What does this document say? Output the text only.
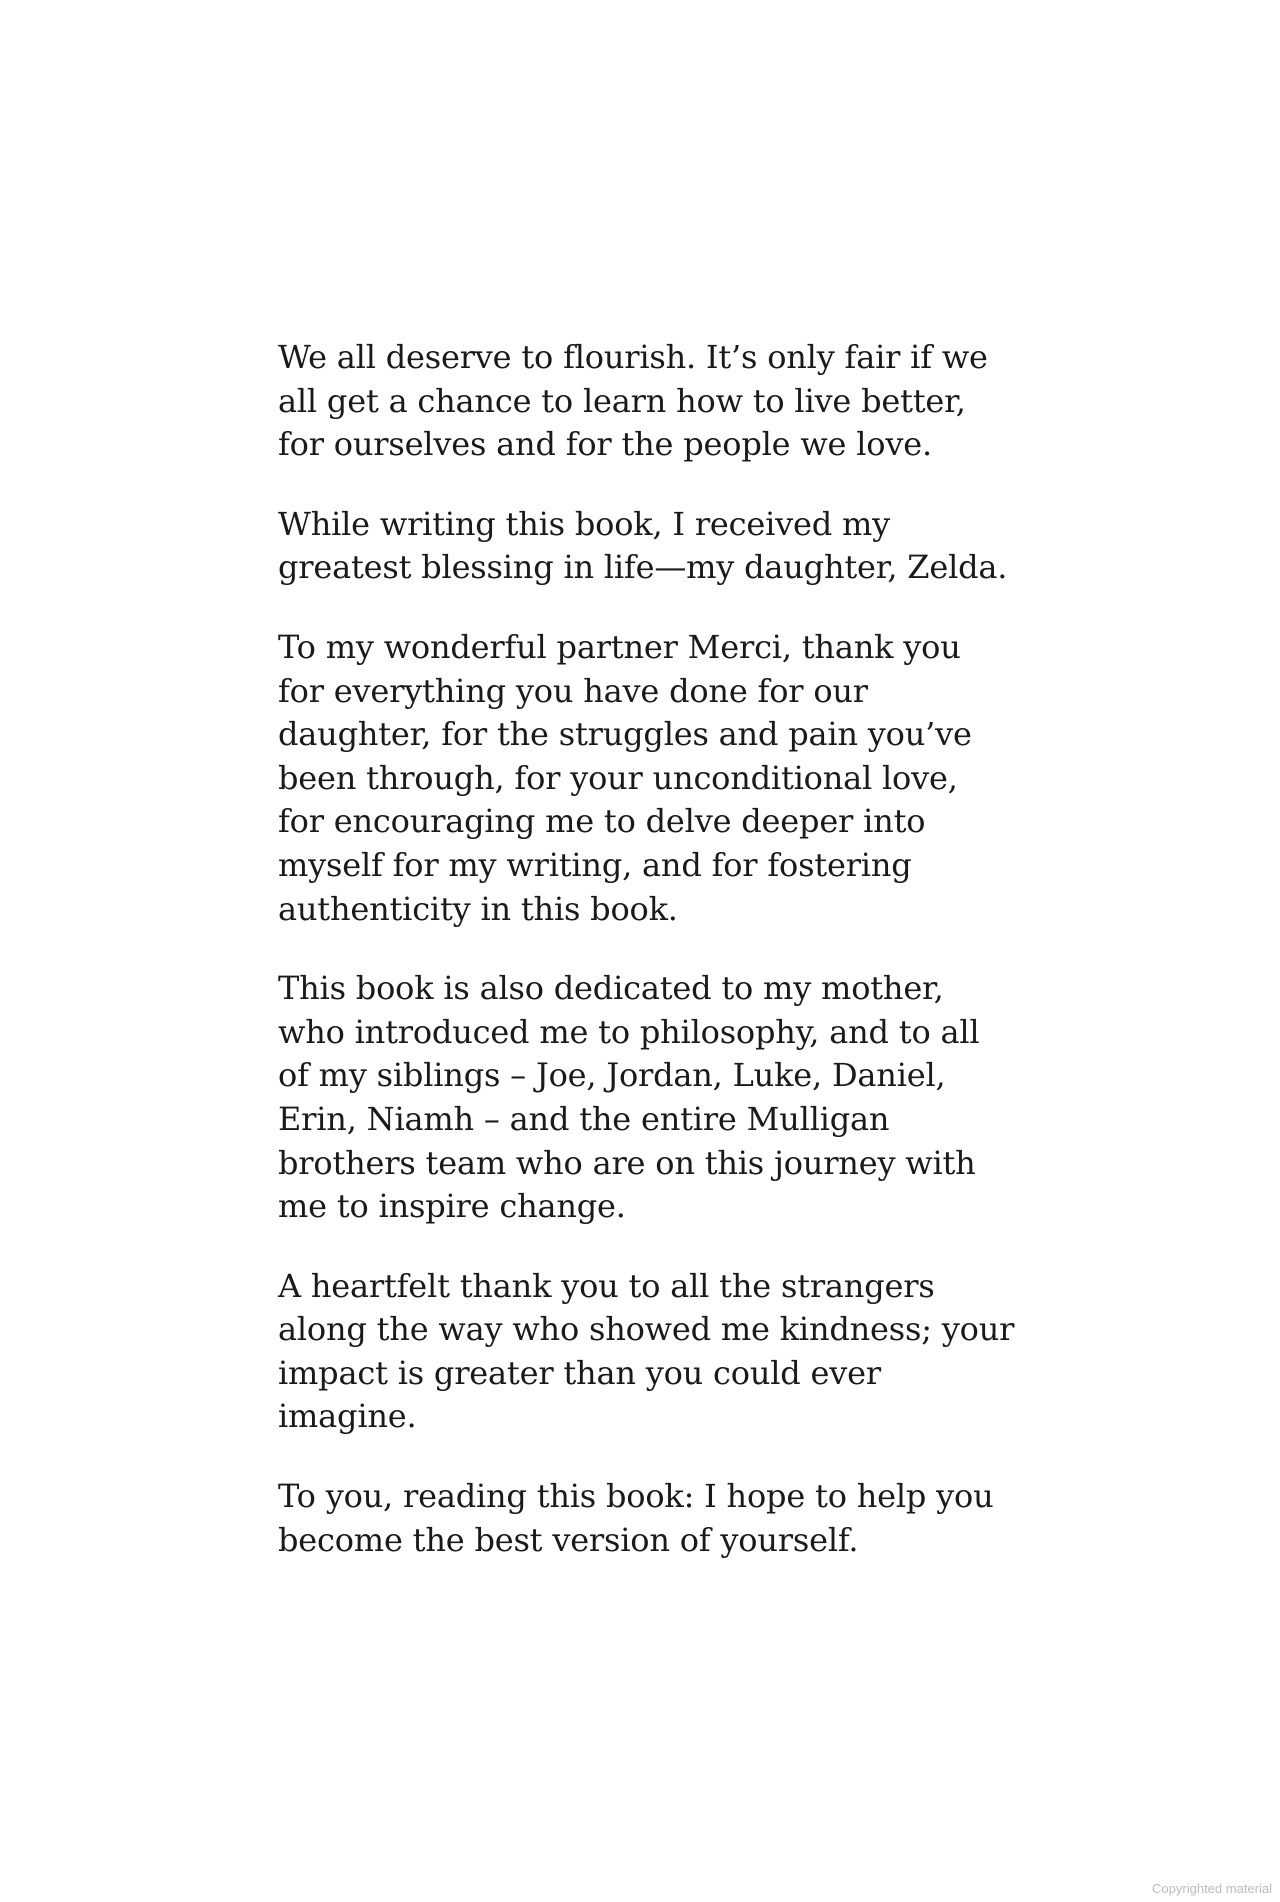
We all deserve to flourish. It’s only fair if we
all get a chance to learn how to live better,
for ourselves and for the people we love.

While writing this book, I received my
greatest blessing in life—my daughter, Zelda.

To my wonderful partner Merci, thank you
for everything you have done for our
daughter, for the struggles and pain you’ve
been through, for your unconditional love,
for encouraging me to delve deeper into
myself for my writing, and for fostering
authenticity in this book.

This book is also dedicated to my mother,
who introduced me to philosophy, and to all
of my siblings – Joe, Jordan, Luke, Daniel,
Erin, Niamh – and the entire Mulligan
brothers team who are on this journey with
me to inspire change.

A heartfelt thank you to all the strangers
along the way who showed me kindness; your
impact is greater than you could ever
imagine.

To you, reading this book: I hope to help you
become the best version of yourself.

Copyrighted material
